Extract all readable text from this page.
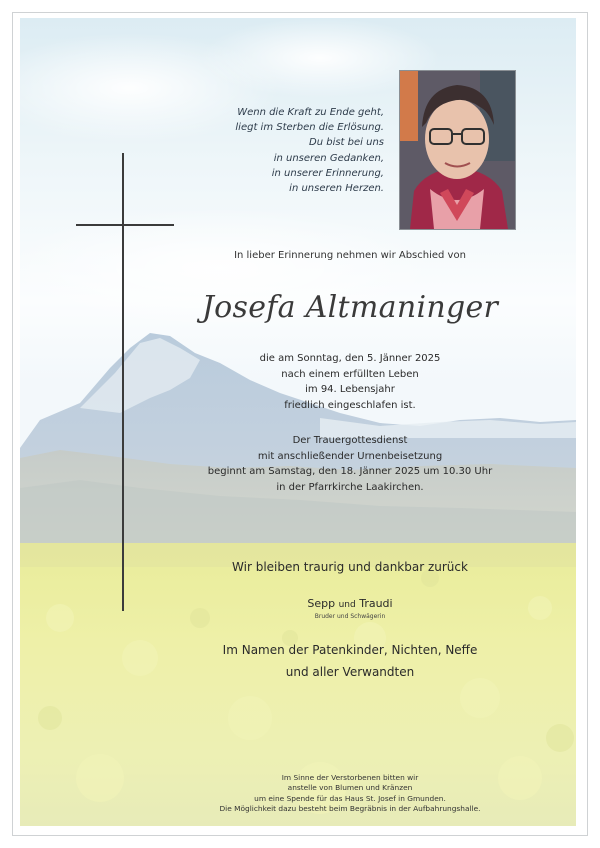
Wenn die Kraft zu Ende geht,
liegt im Sterben die Erlösung.
Du bist bei uns
in unseren Gedanken,
in unserer Erinnerung,
in unseren Herzen.
In lieber Erinnerung nehmen wir Abschied von
Josefa Altmaninger
die am Sonntag, den 5. Jänner 2025
nach einem erfüllten Leben
im 94. Lebensjahr
friedlich eingeschlafen ist.
Der Trauergottesdienst
mit anschließender Urnenbeisetzung
beginnt am Samstag, den 18. Jänner 2025 um 10.30 Uhr
in der Pfarrkirche Laakirchen.
Wir bleiben traurig und dankbar zurück
Sepp und Traudi
Bruder und Schwägerin
Im Namen der Patenkinder, Nichten, Neffe
und aller Verwandten
Im Sinne der Verstorbenen bitten wir
anstelle von Blumen und Kränzen
um eine Spende für das Haus St. Josef in Gmunden.
Die Möglichkeit dazu besteht beim Begräbnis in der Aufbahrungshalle.
